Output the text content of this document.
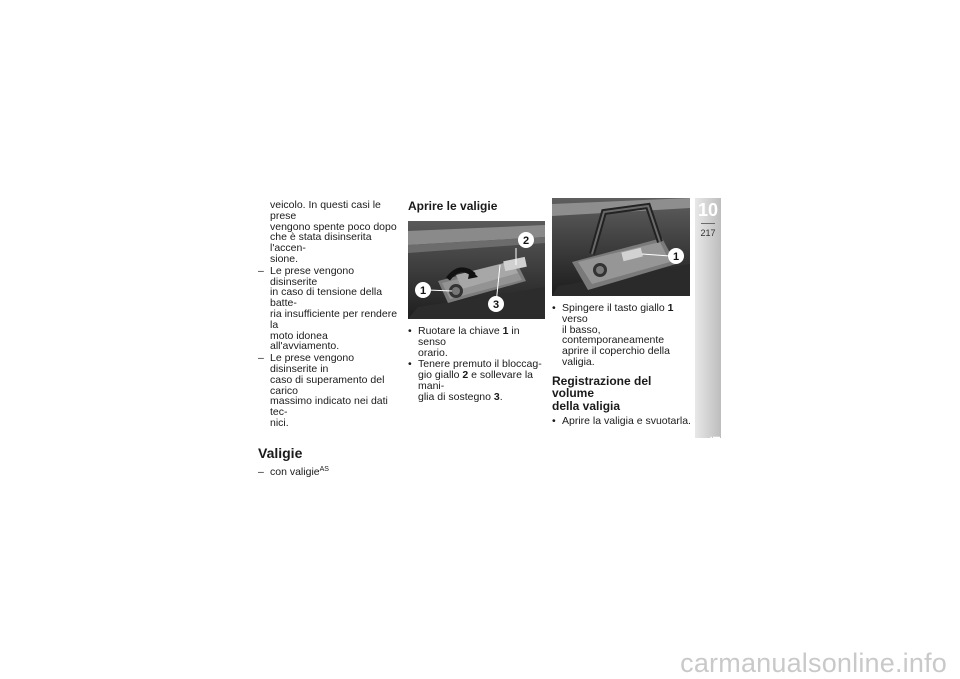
veicolo. In questi casi le prese
vengono spente poco dopo
che è stata disinserita l'accen-
sione.
– Le prese vengono disinserite
in caso di tensione della batte-
ria insufficiente per rendere la
moto idonea all'avviamento.
– Le prese vengono disinserite in
caso di superamento del carico
massimo indicato nei dati tec-
nici.
Valigie
– con valigie$^{AS}$
Aprire le valigie
1
2
3
• Ruotare la chiave 1 in senso
orario.
• Tenere premuto il bloccag-
gio giallo 2 e sollevare la mani-
glia di sostegno 3.
1
• Spingere il tasto giallo 1 verso
il basso, contemporaneamente
aprire il coperchio della valigia.
Registrazione del volume
della valigia
• Aprire la valigia e svuotarla.
10
217
Accessori
carmanualsonline.info
